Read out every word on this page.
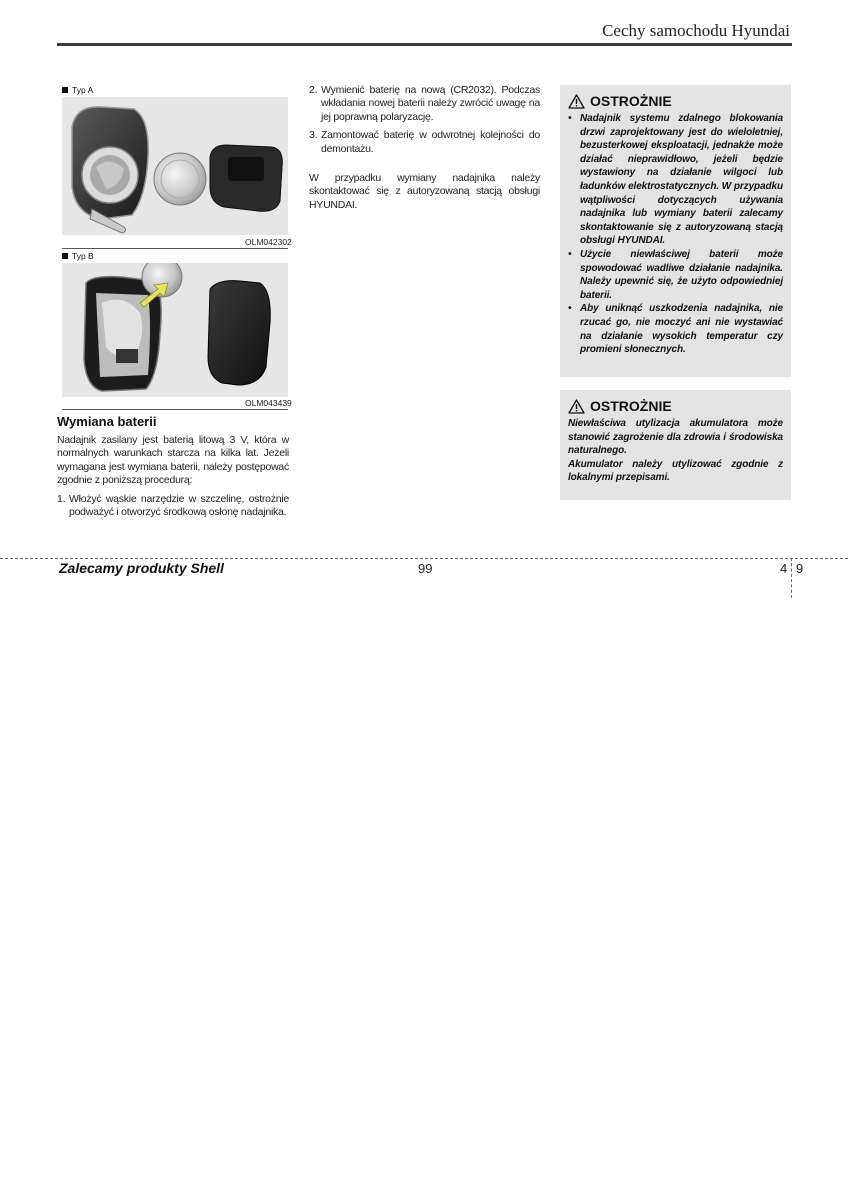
Cechy samochodu Hyundai
Typ A
OLM042302
Typ B
OLM043439
Wymiana baterii

Nadajnik zasilany jest baterią litową 3 V, która w normalnych warunkach starcza na kilka lat. Jeżeli wymagana jest wymiana baterii, należy postępować zgodnie z poniższą procedurą:

1. Włożyć wąskie narzędzie w szczelinę, ostrożnie podważyć i otworzyć środkową osłonę nadajnika.
2. Wymienić baterię na nową (CR2032). Podczas wkładania nowej baterii należy zwrócić uwagę na jej poprawną polaryzację.
3. Zamontować baterię w odwrotnej kolejności do demontażu.

W przypadku wymiany nadajnika należy skontaktować się z autoryzowaną stacją obsługi HYUNDAI.

OSTROŻNIE
• Nadajnik systemu zdalnego blokowania drzwi zaprojektowany jest do wieloletniej, bezusterkowej eksploatacji, jednakże może działać nieprawidłowo, jeżeli będzie wystawiony na działanie wilgoci lub ładunków elektrostatycznych. W przypadku wątpliwości dotyczących używania nadajnika lub wymiany baterii zalecamy skontaktowanie się z autoryzowaną stacją obsługi HYUNDAI.
• Użycie niewłaściwej baterii może spowodować wadliwe działanie nadajnika. Należy upewnić się, że użyto odpowiedniej baterii.
• Aby uniknąć uszkodzenia nadajnika, nie rzucać go, nie moczyć ani nie wystawiać na działanie wysokich temperatur czy promieni słonecznych.
OSTROŻNIE

Niewłaściwa utylizacja akumulatora może stanowić zagrożenie dla zdrowia i środowiska naturalnego.

Akumulator należy utylizować zgodnie z lokalnymi przepisami.

Zalecamy produkty Shell	99	4 9
